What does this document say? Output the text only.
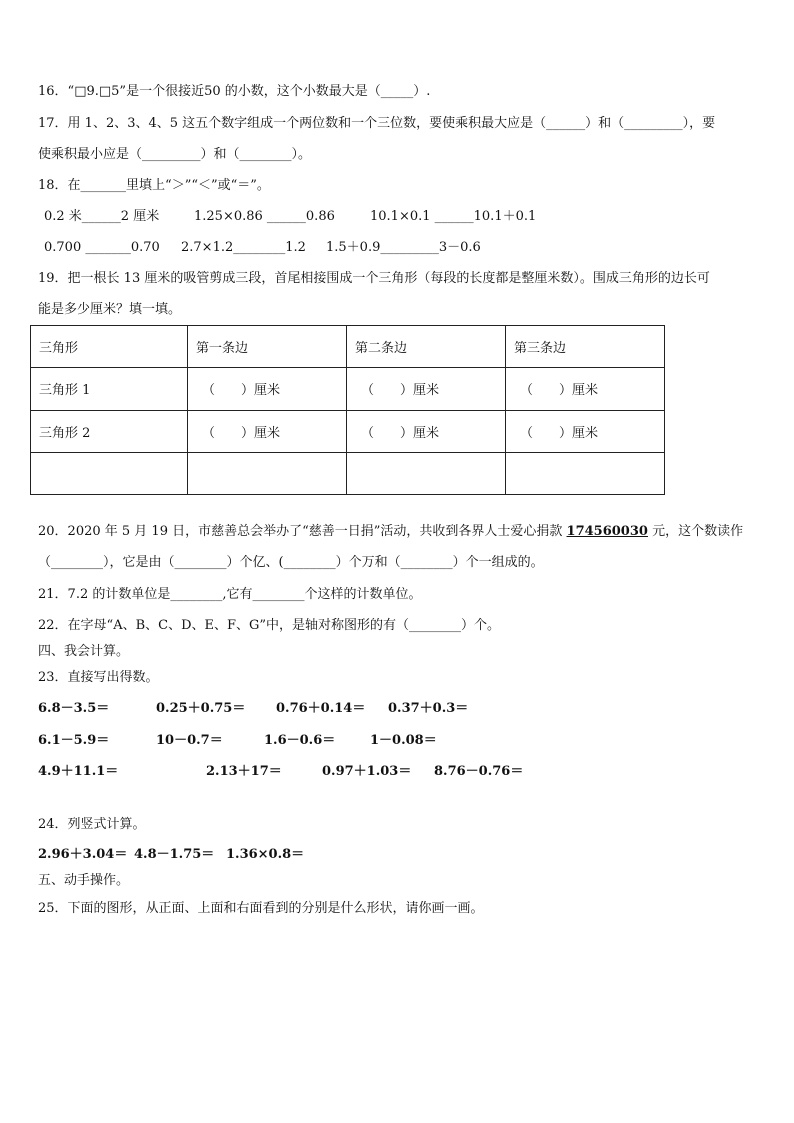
16．“□9.□5”是一个很接近50 的小数，这个小数最大是（_____）.
17．用 1、2、3、4、5 这五个数字组成一个两位数和一个三位数，要使乘积最大应是（______）和（_________），要
使乘积最小应是（_________）和（________）。
18．在_______里填上“＞”“＜”或“＝”。
0.2 米______2 厘米	1.25×0.86 ______0.86	10.1×0.1 ______10.1＋0.1
0.700 _______0.70 2.7×1.2________1.2 1.5＋0.9_________3－0.6
19．把一根长 13 厘米的吸管剪成三段，首尾相接围成一个三角形（每段的长度都是整厘米数）。围成三角形的边长可
能是多少厘米？填一填。
三角形	第一条边	第二条边	第三条边
三角形 1	（　　）厘米	（　　）厘米	（　　）厘米
三角形 2	（　　）厘米	（　　）厘米	（　　）厘米

20．2020 年 5 月 19 日，市慈善总会举办了“慈善一日捐”活动，共收到各界人士爱心捐款 174560030 元，这个数读作
（________），它是由（________）个亿、(________）个万和（________）个一组成的。
21．7.2 的计数单位是________,它有________个这样的计数单位。
22．在字母“A、B、C、D、E、F、G”中，是轴对称图形的有（________）个。
四、我会计算。
23．直接写出得数。
6.8－3.5＝	0.25＋0.75＝ 0.76＋0.14＝ 0.37＋0.3＝
6.1－5.9＝	10－0.7＝	1.6－0.6＝	1－0.08＝
4.9＋11.1＝	2.13＋17＝	0.97＋1.03＝ 8.76－0.76＝
24．列竖式计算。
2.96＋3.04＝ 4.8－1.75＝ 1.36×0.8＝
五、动手操作。
25．下面的图形，从正面、上面和右面看到的分别是什么形状，请你画一画。
